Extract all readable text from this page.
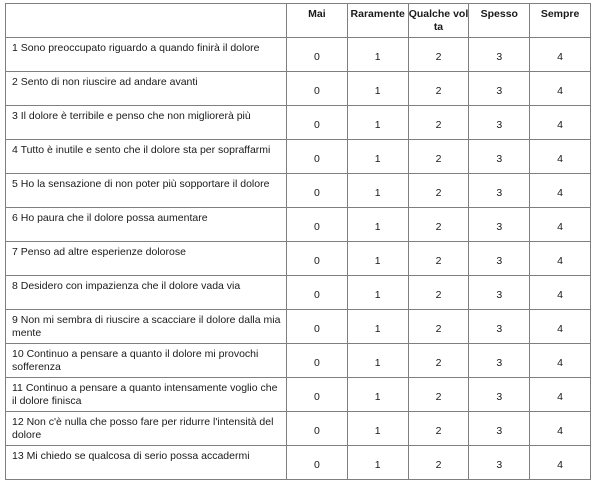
	Mai	Raramente	Qualche volta	Spesso	Sempre

1 Sono preoccupato riguardo a quando finirà il dolore	0	1	2	3	4

2 Sento di non riuscire ad andare avanti	0	1	2	3	4

3 Il dolore è terribile e penso che non migliorerà più	0	1	2	3	4

4 Tutto è inutile e sento che il dolore sta per sopraffarmi	0	1	2	3	4

5 Ho la sensazione di non poter più sopportare il dolore	0	1	2	3	4

6 Ho paura che il dolore possa aumentare	0	1	2	3	4

7 Penso ad altre esperienze dolorose	0	1	2	3	4

8 Desidero con impazienza che il dolore vada via	0	1	2	3	4

9 Non mi sembra di riuscire a scacciare il dolore dalla mia mente	0	1	2	3	4

10 Continuo a pensare a quanto il dolore mi provochi sofferenza	0	1	2	3	4

11 Continuo a pensare a quanto intensamente voglio che il dolore finisca	0	1	2	3	4

12 Non c'è nulla che posso fare per ridurre l'intensità del dolore	0	1	2	3	4

13 Mi chiedo se qualcosa di serio possa accadermi	0	1	2	3	4
